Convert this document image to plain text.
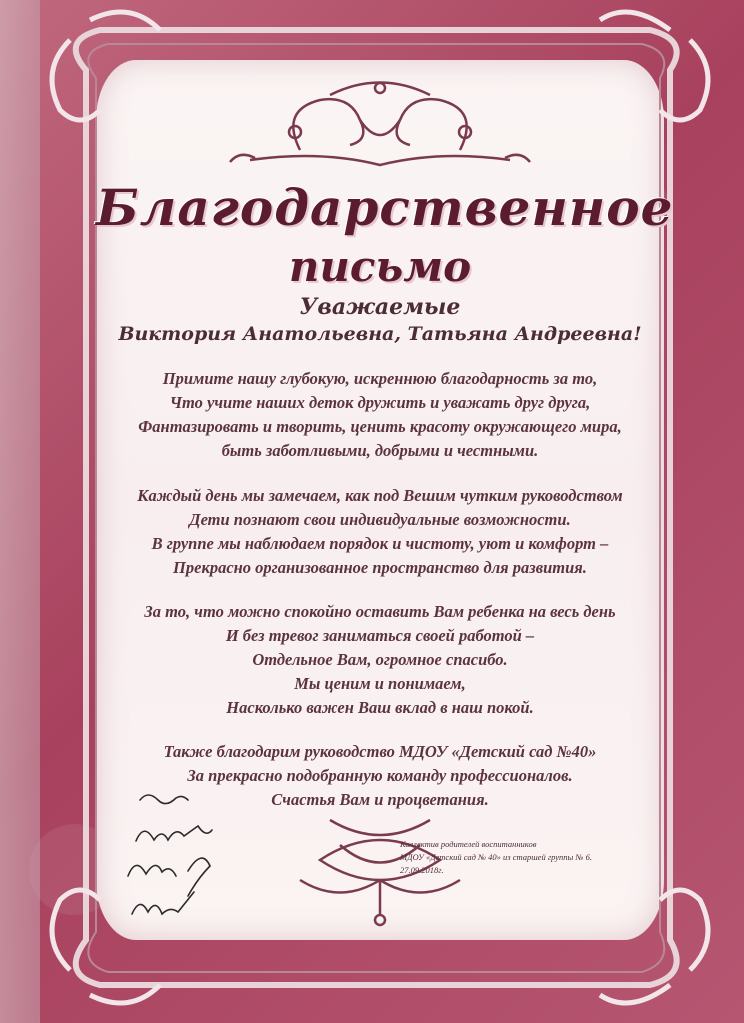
Благодарственное
письмо
Уважаемые
Виктория Анатольевна, Татьяна Андреевна!

Примите нашу глубокую, искреннюю благодарность за то,
Что учите наших деток дружить и уважать друг друга,
Фантазировать и творить, ценить красоту окружающего мира,
быть заботливыми, добрыми и честными.

Каждый день мы замечаем, как под Вешим чутким руководством
Дети познают свои индивидуальные возможности.
В группе мы наблюдаем порядок и чистоту, уют и комфорт –
Прекрасно организованное пространство для развития.

За то, что можно спокойно оставить Вам ребенка на весь день
И без тревог заниматься своей работой –
Отдельное Вам, огромное спасибо.
Мы ценим и понимаем,
Насколько важен Ваш вклад в наш покой.

Также благодарим руководство МДОУ «Детский сад №40»
За прекрасно подобранную команду профессионалов.
Счастья Вам и процветания.

Коллектив родителей воспитанников
МДОУ «Детский сад № 40» из старшей группы № 6.
27.09.2018г.
